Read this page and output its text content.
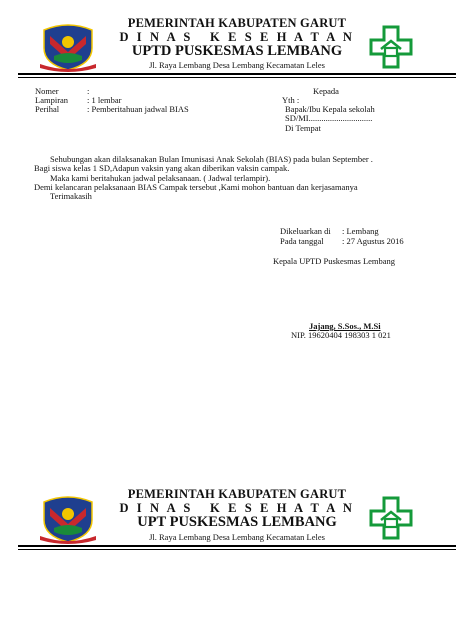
PEMERINTAH KABUPATEN GARUT
D I N A S   K E S E H A T A N
UPTD PUSKESMAS LEMBANG
Jl. Raya Lembang Desa Lembang Kecamatan Leles
Nomer	:
Lampiran : 1 lembar
Perihal	: Pemberitahuan jadwal BIAS
Kepada
Yth :
Bapak/Ibu Kepala sekolah
SD/MI..............................
Di Tempat
Sehubungan akan dilaksanakan Bulan Imunisasi Anak Sekolah (BIAS) pada bulan September .
Bagi siswa kelas 1 SD,Adapun vaksin yang akan diberikan vaksin campak.
Maka kami beritahukan jadwal pelaksanaan. ( Jadwal terlampir).
Demi kelancaran pelaksanaan BIAS Campak tersebut ,Kami mohon bantuan dan kerjasamanya
Terimakasih
Dikeluarkan di : Lembang
Pada tanggal : 27 Agustus 2016
Kepala UPTD Puskesmas Lembang
Jajang, S.Sos., M.Si
NIP. 19620404 198303 1 021
PEMERINTAH KABUPATEN GARUT
D I N A S   K E S E H A T A N
UPT PUSKESMAS LEMBANG
Jl. Raya Lembang Desa Lembang Kecamatan Leles
